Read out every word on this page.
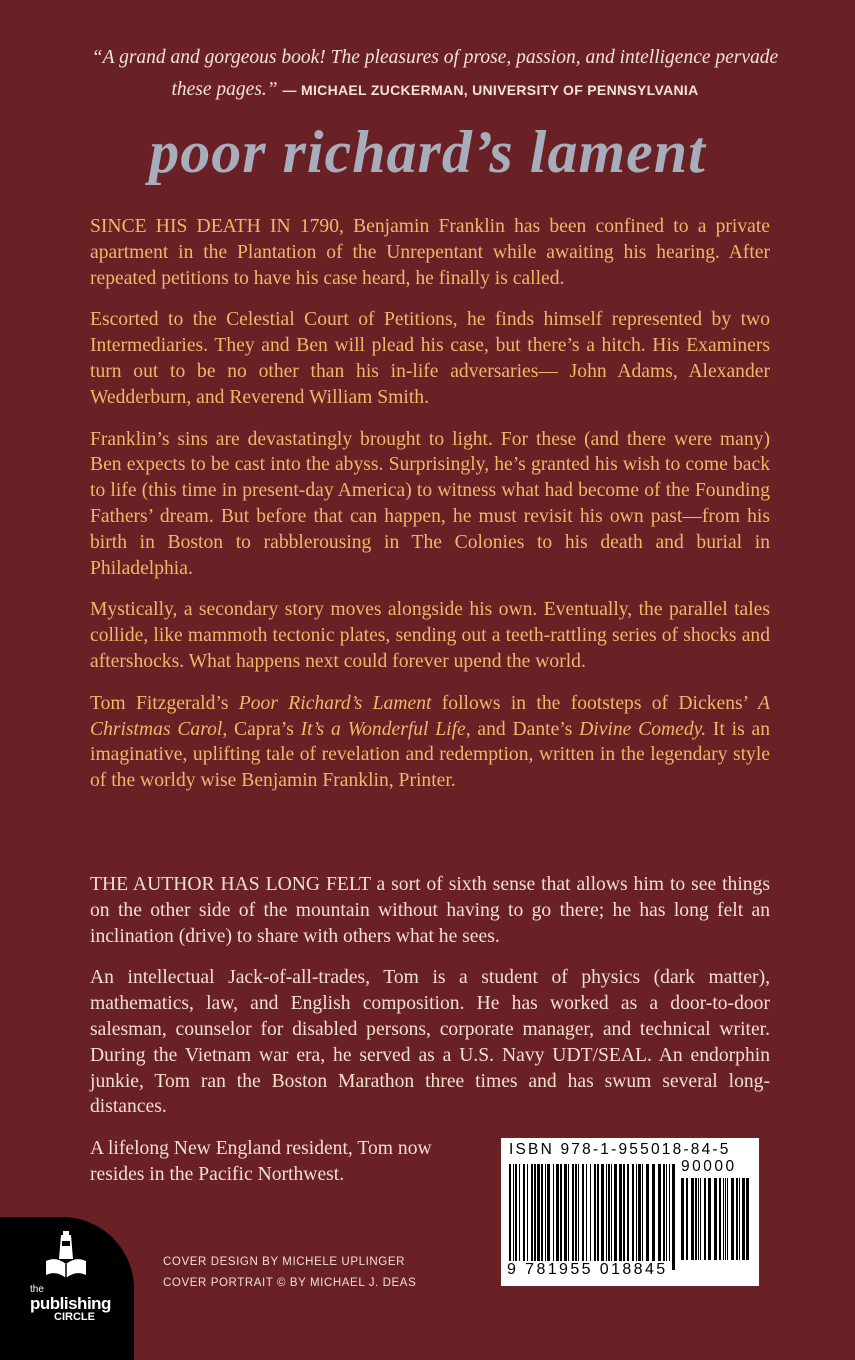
“A grand and gorgeous book! The pleasures of prose, passion, and intelligence pervade these pages.” — MICHAEL ZUCKERMAN, UNIVERSITY OF PENNSYLVANIA
poor richard’s lament

SINCE HIS DEATH IN 1790, Benjamin Franklin has been confined to a private apartment in the Plantation of the Unrepentant while awaiting his hearing. After repeated petitions to have his case heard, he finally is called.

Escorted to the Celestial Court of Petitions, he finds himself represented by two Intermediaries. They and Ben will plead his case, but there’s a hitch. His Examiners turn out to be no other than his in-life adversaries— John Adams, Alexander Wedderburn, and Reverend William Smith.

Franklin’s sins are devastatingly brought to light. For these (and there were many) Ben expects to be cast into the abyss. Surprisingly, he’s granted his wish to come back to life (this time in present-day America) to witness what had become of the Founding Fathers’ dream. But before that can happen, he must revisit his own past—from his birth in Boston to rabblerousing in The Colonies to his death and burial in Philadelphia.

Mystically, a secondary story moves alongside his own. Eventually, the parallel tales collide, like mammoth tectonic plates, sending out a teeth-rattling series of shocks and aftershocks. What happens next could forever upend the world.

Tom Fitzgerald’s Poor Richard’s Lament follows in the footsteps of Dickens’ A Christmas Carol, Capra’s It’s a Wonderful Life, and Dante’s Divine Comedy. It is an imaginative, uplifting tale of revelation and redemption, written in the legendary style of the worldy wise Benjamin Franklin, Printer.

THE AUTHOR HAS LONG FELT a sort of sixth sense that allows him to see things on the other side of the mountain without having to go there; he has long felt an inclination (drive) to share with others what he sees.

An intellectual Jack-of-all-trades, Tom is a student of physics (dark matter), mathematics, law, and English composition. He has worked as a door-to-door salesman, counselor for disabled persons, corporate manager, and technical writer. During the Vietnam war era, he served as a U.S. Navy UDT/SEAL. An endorphin junkie, Tom ran the Boston Marathon three times and has swum several long-distances.

A lifelong New England resident, Tom now resides in the Pacific Northwest.

the
publishing
CIRCLE
COVER DESIGN BY MICHELE UPLINGER
COVER PORTRAIT © BY MICHAEL J. DEAS
ISBN 978-1-955018-84-5
9 781955 018845
90000
